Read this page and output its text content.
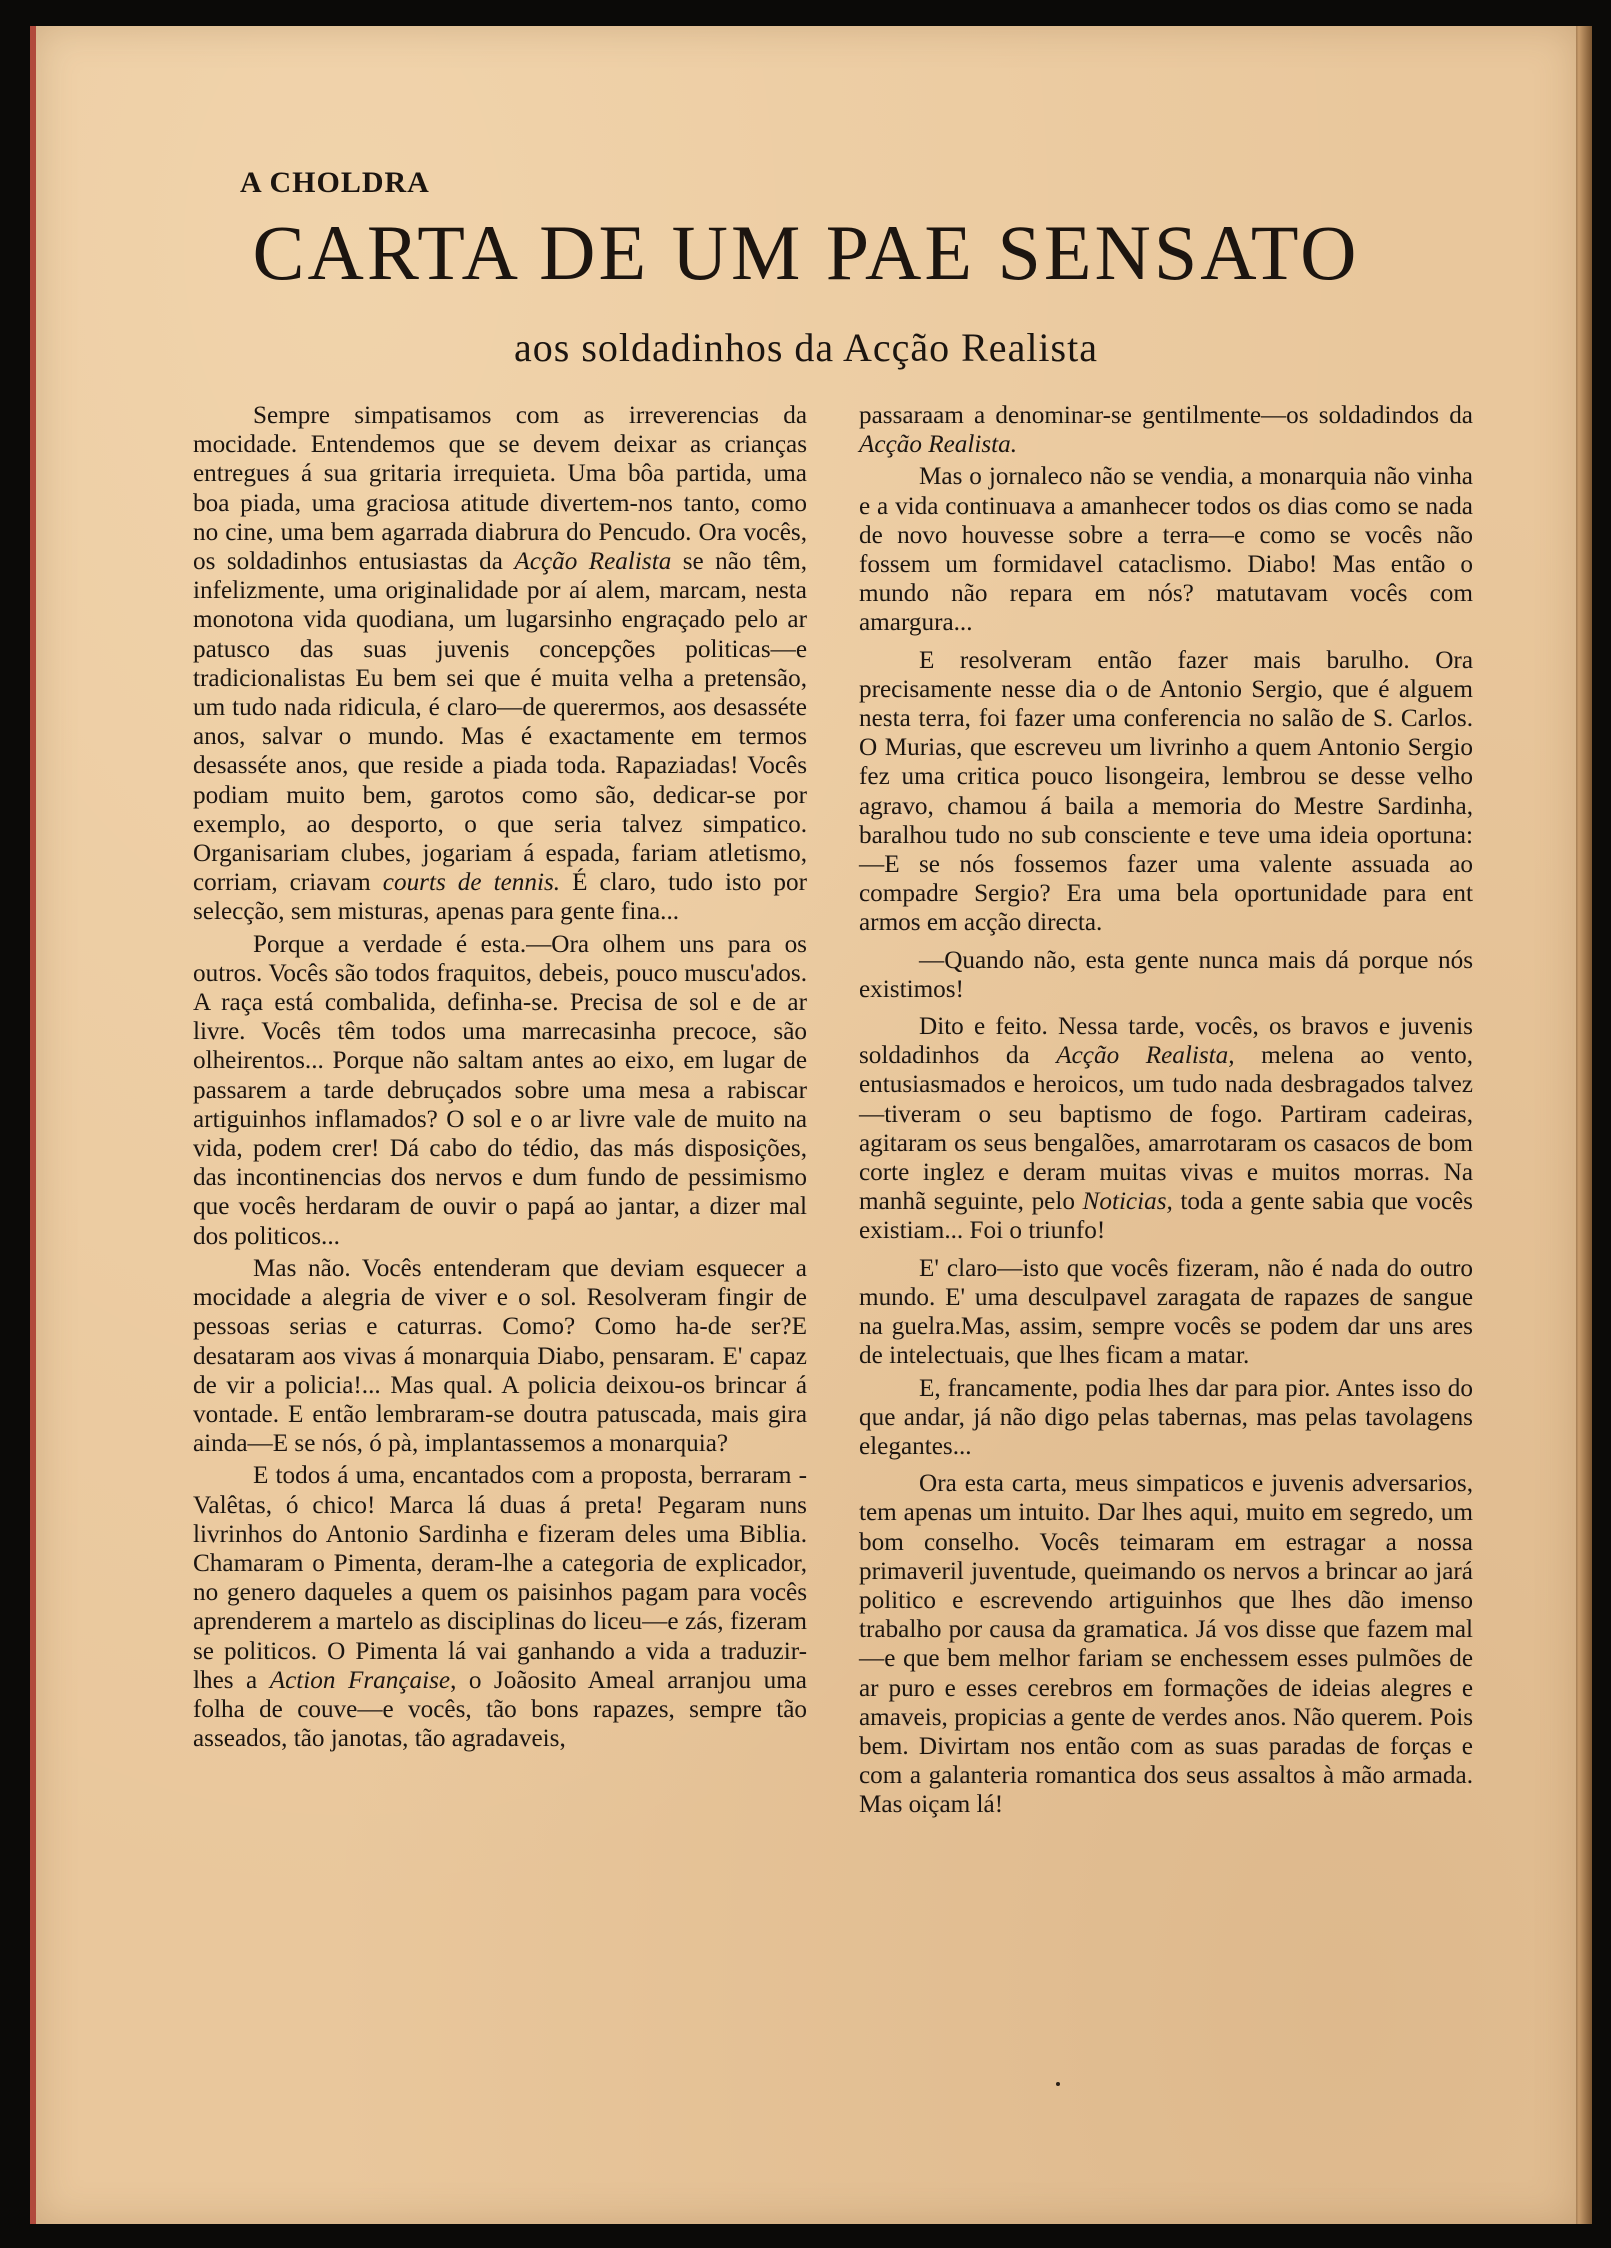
A CHOLDRA
CARTA DE UM PAE SENSATO
aos soldadinhos da Acção Realista

Sempre simpatisamos com as irreverencias da mocidade. Entendemos que se devem deixar as crianças entregues á sua gritaria irrequieta. Uma bôa partida, uma boa piada, uma graciosa atitude divertem-nos tanto, como no cine, uma bem agarrada diabrura do Pencudo. Ora vocês, os soldadinhos entusiastas da Acção Realista se não têm, infelizmente, uma originalidade por aí alem, marcam, nesta monotona vida quodiana, um lugarsinho engraçado pelo ar patusco das suas juvenis concepções politicas—e tradicionalistas Eu bem sei que é muita velha a pretensão, um tudo nada ridicula, é claro—de querermos, aos desasséte anos, salvar o mundo. Mas é exactamente em termos desasséte anos, que reside a piada toda. Rapaziadas! Vocês podiam muito bem, garotos como são, dedicar-se por exemplo, ao desporto, o que seria talvez simpatico. Organisariam clubes, jogariam á espada, fariam atletismo, corriam, criavam courts de tennis. É claro, tudo isto por selecção, sem misturas, apenas para gente fina...

Porque a verdade é esta.—Ora olhem uns para os outros. Vocês são todos fraquitos, debeis, pouco muscu'ados. A raça está combalida, definha-se. Precisa de sol e de ar livre. Vocês têm todos uma marrecasinha precoce, são olheirentos... Porque não saltam antes ao eixo, em lugar de passarem a tarde debruçados sobre uma mesa a rabiscar artiguinhos inflamados? O sol e o ar livre vale de muito na vida, podem crer! Dá cabo do tédio, das más disposições, das incontinencias dos nervos e dum fundo de pessimismo que vocês herdaram de ouvir o papá ao jantar, a dizer mal dos politicos...

Mas não. Vocês entenderam que deviam esquecer a mocidade a alegria de viver e o sol. Resolveram fingir de pessoas serias e caturras. Como? Como ha-de ser?E desataram aos vivas á monarquia Diabo, pensaram. E' capaz de vir a policia!... Mas qual. A policia deixou-os brincar á vontade. E então lembraram-se doutra patuscada, mais gira ainda—E se nós, ó pà, implantassemos a monarquia?

E todos á uma, encantados com a proposta, berraram - Valêtas, ó chico! Marca lá duas á preta! Pegaram nuns livrinhos do Antonio Sardinha e fizeram deles uma Biblia. Chamaram o Pimenta, deram-lhe a categoria de explicador, no genero daqueles a quem os paisinhos pagam para vocês aprenderem a martelo as disciplinas do liceu—e zás, fizeram se politicos. O Pimenta lá vai ganhando a vida a traduzir-lhes a Action Française, o Joãosito Ameal arranjou uma folha de couve—e vocês, tão bons rapazes, sempre tão asseados, tão janotas, tão agradaveis,

passaraam a denominar-se gentilmente—os soldadindos da Acção Realista.

Mas o jornaleco não se vendia, a monarquia não vinha e a vida continuava a amanhecer todos os dias como se nada de novo houvesse sobre a terra—e como se vocês não fossem um formidavel cataclismo. Diabo! Mas então o mundo não repara em nós? matutavam vocês com amargura...

E resolveram então fazer mais barulho. Ora precisamente nesse dia o de Antonio Sergio, que é alguem nesta terra, foi fazer uma conferencia no salão de S. Carlos. O Murias, que escreveu um livrinho a quem Antonio Sergio fez uma critica pouco lisongeira, lembrou se desse velho agravo, chamou á baila a memoria do Mestre Sardinha, baralhou tudo no sub consciente e teve uma ideia oportuna:—E se nós fossemos fazer uma valente assuada ao compadre Sergio? Era uma bela oportunidade para ent armos em acção directa.

—Quando não, esta gente nunca mais dá porque nós existimos!

Dito e feito. Nessa tarde, vocês, os bravos e juvenis soldadinhos da Acção Realista, melena ao vento, entusiasmados e heroicos, um tudo nada desbragados talvez—tiveram o seu baptismo de fogo. Partiram cadeiras, agitaram os seus bengalões, amarrotaram os casacos de bom corte inglez e deram muitas vivas e muitos morras. Na manhã seguinte, pelo Noticias, toda a gente sabia que vocês existiam... Foi o triunfo!

E' claro—isto que vocês fizeram, não é nada do outro mundo. E' uma desculpavel zaragata de rapazes de sangue na guelra.Mas, assim, sempre vocês se podem dar uns ares de intelectuais, que lhes ficam a matar.

E, francamente, podia lhes dar para pior. Antes isso do que andar, já não digo pelas tabernas, mas pelas tavolagens elegantes...

Ora esta carta, meus simpaticos e juvenis adversarios, tem apenas um intuito. Dar lhes aqui, muito em segredo, um bom conselho. Vocês teimaram em estragar a nossa primaveril juventude, queimando os nervos a brincar ao jará politico e escrevendo artiguinhos que lhes dão imenso trabalho por causa da gramatica. Já vos disse que fazem mal—e que bem melhor fariam se enchessem esses pulmões de ar puro e esses cerebros em formações de ideias alegres e amaveis, propicias a gente de verdes anos. Não querem. Pois bem. Divirtam nos então com as suas paradas de forças e com a galanteria romantica dos seus assaltos à mão armada. Mas oiçam lá!
